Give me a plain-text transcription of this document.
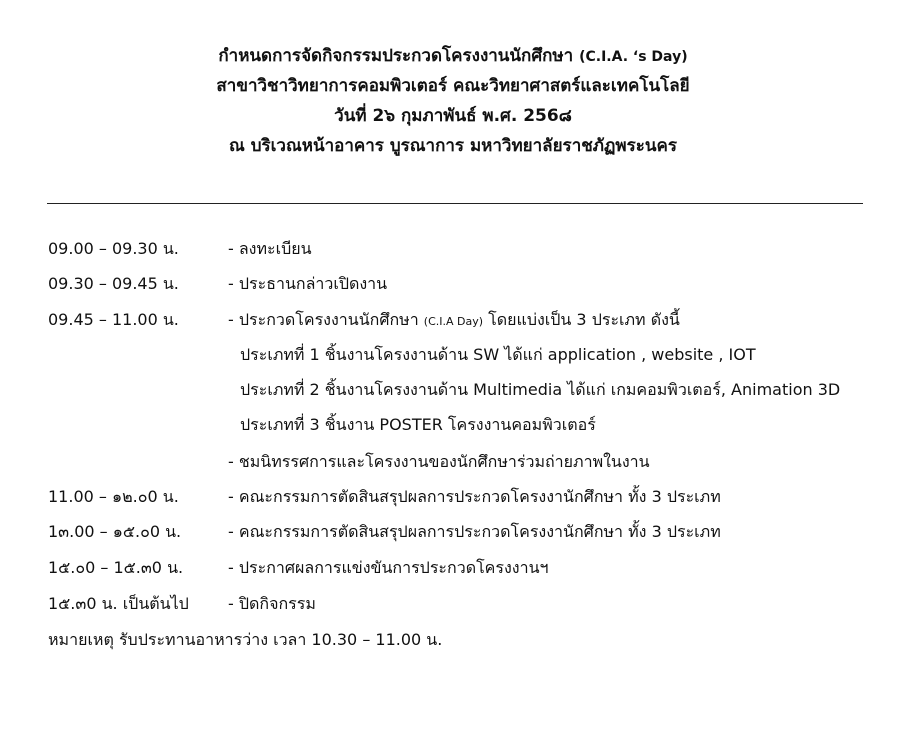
กำหนดการจัดกิจกรรมประกวดโครงงานนักศึกษา (C.I.A. ‘s Day)
สาขาวิชาวิทยาการคอมพิวเตอร์ คณะวิทยาศาสตร์และเทคโนโลยี
วันที่ 2๖ กุมภาพันธ์ พ.ศ. 256๘
ณ บริเวณหน้าอาคาร บูรณาการ มหาวิทยาลัยราชภัฏพระนคร
09.00 – 09.30 น.	- ลงทะเบียน
09.30 – 09.45 น.	- ประธานกล่าวเปิดงาน
09.45 – 11.00 น.	- ประกวดโครงงานนักศึกษา (C.I.A Day) โดยแบ่งเป็น 3 ประเภท ดังนี้
ประเภทที่ 1 ชิ้นงานโครงงานด้าน SW ได้แก่ application , website , IOT
ประเภทที่ 2 ชิ้นงานโครงงานด้าน Multimedia ได้แก่ เกมคอมพิวเตอร์, Animation 3D
ประเภทที่ 3 ชิ้นงาน POSTER โครงงานคอมพิวเตอร์
- ชมนิทรรศการและโครงงานของนักศึกษาร่วมถ่ายภาพในงาน
11.00 – ๑๒.๐0 น.	- คณะกรรมการตัดสินสรุปผลการประกวดโครงงานักศึกษา ทั้ง 3 ประเภท
1๓.00 – ๑๕.๐0 น.	- คณะกรรมการตัดสินสรุปผลการประกวดโครงงานักศึกษา ทั้ง 3 ประเภท
1๕.๐0 – 1๕.๓0 น.	- ประกาศผลการแข่งขันการประกวดโครงงานฯ
1๕.๓0 น. เป็นต้นไป - ปิดกิจกรรม
หมายเหตุ รับประทานอาหารว่าง เวลา 10.30 – 11.00 น.
